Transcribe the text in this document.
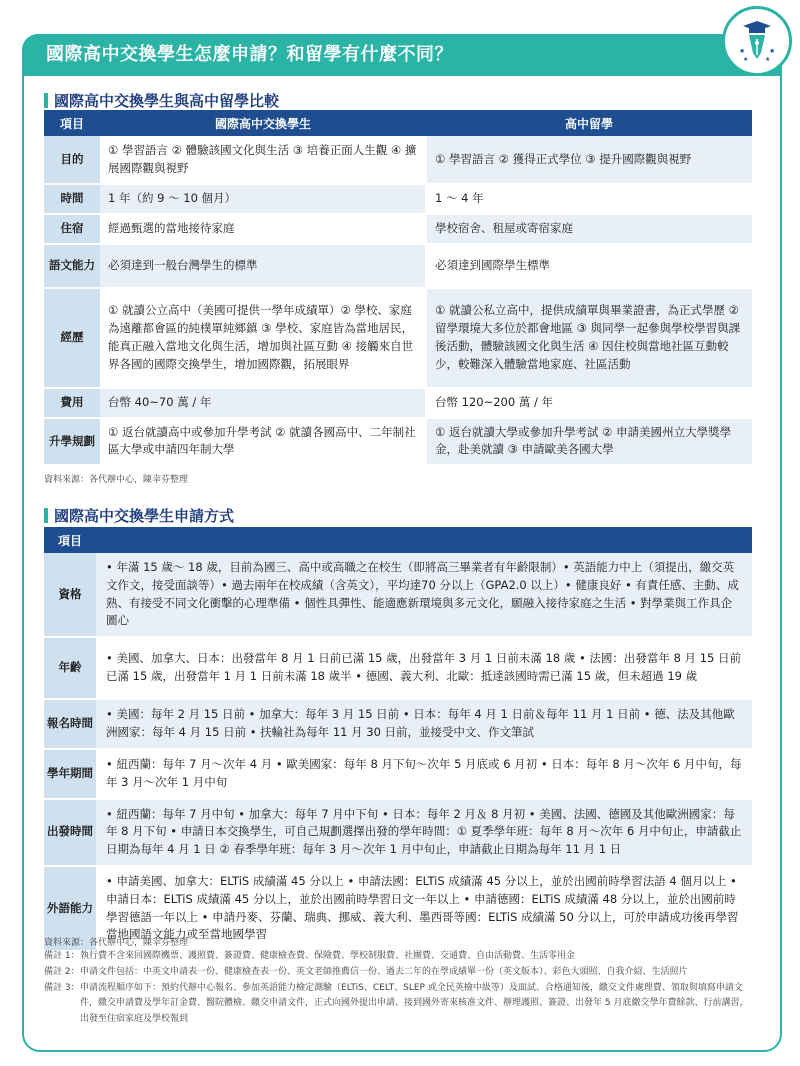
國際高中交換學生怎麼申請？和留學有什麼不同？	★	★
★	★
國際高中交換學生與高中留學比較
項目	國際高中交換學生	高中留學
目的	① 學習語言 ② 體驗該國文化與生活 ③ 培養正面人生觀 ④ 擴展國際觀與視野	① 學習語言 ② 獲得正式學位 ③ 提升國際觀與視野
時間	1 年（約 9 ～ 10 個月）	1 ～ 4 年
住宿	經過甄選的當地接待家庭	學校宿舍、租屋或寄宿家庭
語文能力	必須達到一般台灣學生的標準	必須達到國際學生標準
經歷	① 就讀公立高中（美國可提供一學年成績單）② 學校、家庭為遠離都會區的純樸單純鄉鎮 ③ 學校、家庭皆為當地居民，能真正融入當地文化與生活，增加與社區互動 ④ 接觸來自世界各國的國際交換學生，增加國際觀，拓展眼界	① 就讀公私立高中，提供成績單與畢業證書，為正式學歷 ② 留學環境大多位於都會地區 ③ 與同學一起參與學校學習與課後活動，體驗該國文化與生活 ④ 因住校與當地社區互動較少，較難深入體驗當地家庭、社區活動
費用	台幣 40~70 萬 / 年	台幣 120~200 萬 / 年
升學規劃	① 返台就讀高中或參加升學考試 ② 就讀各國高中、二年制社區大學或申請四年制大學	① 返台就讀大學或參加升學考試 ② 申請美國州立大學獎學金，赴美就讀 ③ 申請歐美各國大學
資料來源：各代辦中心，陳幸芬整理
國際高中交換學生申請方式
項目	
資格	• 年滿 15 歲～ 18 歲，目前為國三、高中或高職之在校生（即將高三畢業者有年齡限制）• 英語能力中上（須提出，繳交英文作文，接受面談等）• 過去兩年在校成績（含英文），平均達70 分以上（GPA2.0 以上）• 健康良好 • 有責任感、主動、成熟、有接受不同文化衝擊的心理準備 • 個性具彈性、能適應新環境與多元文化，願融入接待家庭之生活 • 對學業與工作具企圖心
年齡	• 美國、加拿大、日本：出發當年 8 月 1 日前已滿 15 歲，出發當年 3 月 1 日前未滿 18 歲 • 法國：出發當年 8 月 15 日前已滿 15 歲，出發當年 1 月 1 日前未滿 18 歲半 • 德國、義大利、北歐：抵達該國時需已滿 15 歲，但未超過 19 歲
報名時間	• 美國：每年 2 月 15 日前 • 加拿大：每年 3 月 15 日前 • 日本：每年 4 月 1 日前＆每年 11 月 1 日前 • 德、法及其他歐洲國家：每年 4 月 15 日前 • 扶輪社為每年 11 月 30 日前，並接受中文、作文筆試
學年期間	• 紐西蘭：每年 7 月～次年 4 月 • 歐美國家：每年 8 月下旬～次年 5 月底或 6 月初 • 日本：每年 8 月～次年 6 月中旬，每年 3 月～次年 1 月中旬
出發時間	• 紐西蘭：每年 7 月中旬 • 加拿大：每年 7 月中下旬 • 日本：每年 2 月＆ 8 月初 • 美國、法國、德國及其他歐洲國家：每年 8 月下旬 • 申請日本交換學生，可自己規劃選擇出發的學年時間：① 夏季學年班：每年 8 月～次年 6 月中旬止，申請截止日期為每年 4 月 1 日 ② 春季學年班：每年 3 月～次年 1 月中旬止，申請截止日期為每年 11 月 1 日
外語能力	• 申請美國、加拿大：ELTiS 成績滿 45 分以上 • 申請法國：ELTiS 成績滿 45 分以上，並於出國前時學習法語 4 個月以上 • 申請日本：ELTiS 成績滿 45 分以上，並於出國前時學習日文一年以上 • 申請德國：ELTiS 成績滿 48 分以上，並於出國前時學習德語一年以上 • 申請丹麥、芬蘭、瑞典、挪威、義大利、墨西哥等國：ELTiS 成績滿 50 分以上，可於申請成功後再學習當地國語文能力或至當地國學習
資料來源：各代辦中心，陳幸芬整理
備註 1： 執行費不含來回國際機票、護照費、簽證費、健康檢查費、保險費、學校制服費、社團費、交通費、自由活動費、生活零用金
備註 2： 申請文件包括：中英文申請表一份、健康檢查表一份、英文老師推薦信一份、過去二年的在學成績單一份（英文版本）、彩色大頭照、自我介紹、生活照片
備註 3： 申請流程順序如下：預約代辦中心報名、參加英語能力檢定測驗（ELTiS、CELT、SLEP 或全民英檢中級等）及面試、合格通知後，繳交文件處理費、領取與填寫申請文件，繳交申請費及學年訂金費、醫院體檢、繳交申請文件，正式向國外提出申請、接到國外寄來核准文件、辦理護照、簽證、出發年 5 月底繳交學年費餘款、行前講習，出發至住宿家庭及學校報到
